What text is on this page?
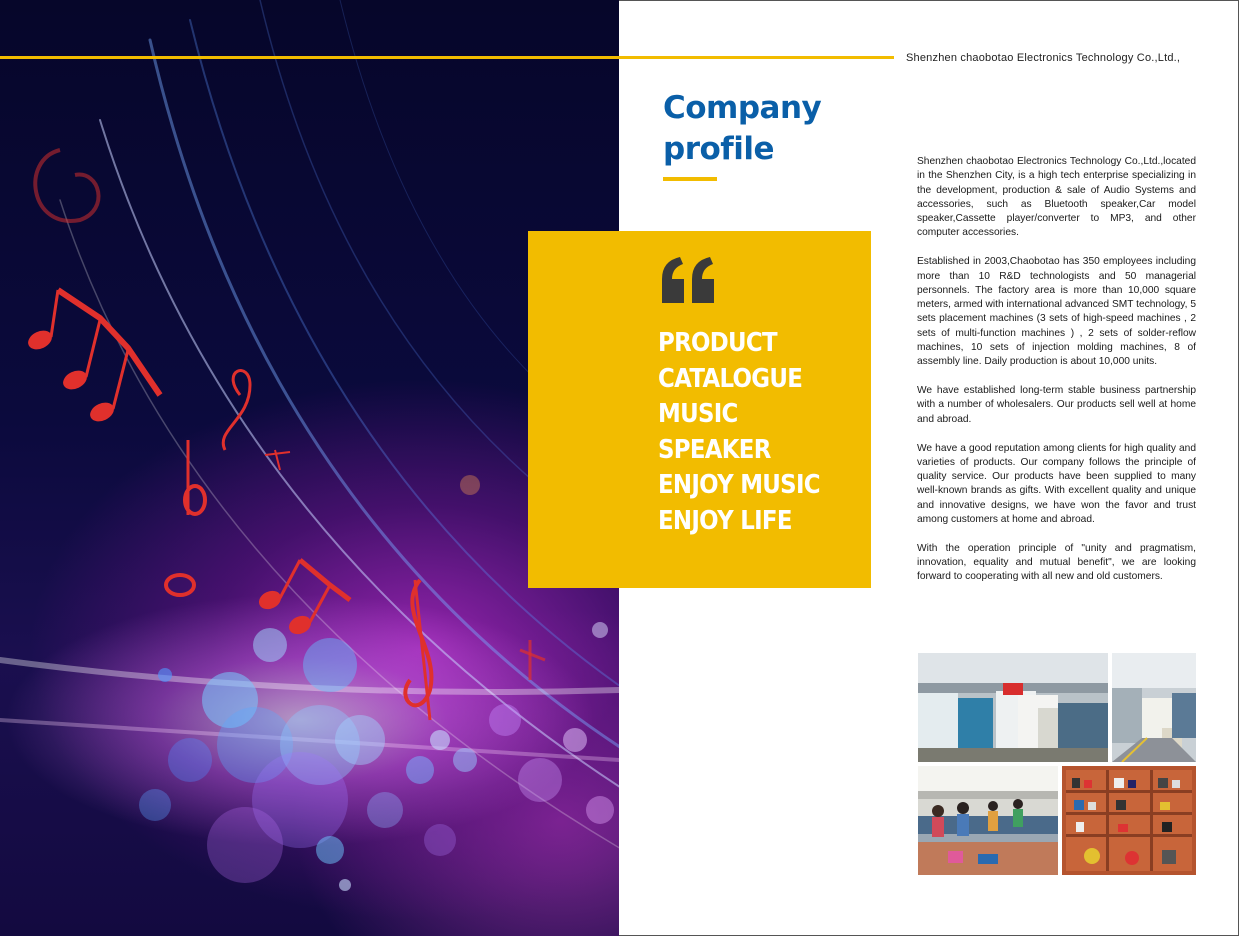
Shenzhen chaobotao Electronics Technology Co.,Ltd.,
Company
profile
PRODUCT
CATALOGUE
MUSIC
SPEAKER
ENJOY MUSIC
ENJOY LIFE

Shenzhen chaobotao Electronics Technology Co.,Ltd.,located in the Shenzhen City, is a high tech enterprise specializing in the development, production & sale of Audio Systems and accessories, such as Bluetooth speaker,Car model speaker,Cassette player/converter to MP3, and other computer accessories.

Established in 2003,Chaobotao has 350 employees including more than 10 R&D technologists and 50 managerial personnels. The factory area is more than 10,000 square meters, armed with international advanced SMT technology, 5 sets placement machines (3 sets of high-speed machines , 2 sets of multi-function machines ) , 2 sets of solder-reflow machines, 10 sets of injection molding machines, 8 of assembly line. Daily production is about 10,000 units.

We have established long-term stable business partnership with a number of wholesalers. Our products sell well at home and abroad.

We have a good reputation among clients for high quality and varieties of products. Our company follows the principle of quality service. Our products have been supplied to many well-known brands as gifts. With excellent quality and unique and innovative designs, we have won the favor and trust among customers at home and abroad.

With the operation principle of "unity and pragmatism, innovation, equality and mutual benefit", we are looking forward to cooperating with all new and old customers.
